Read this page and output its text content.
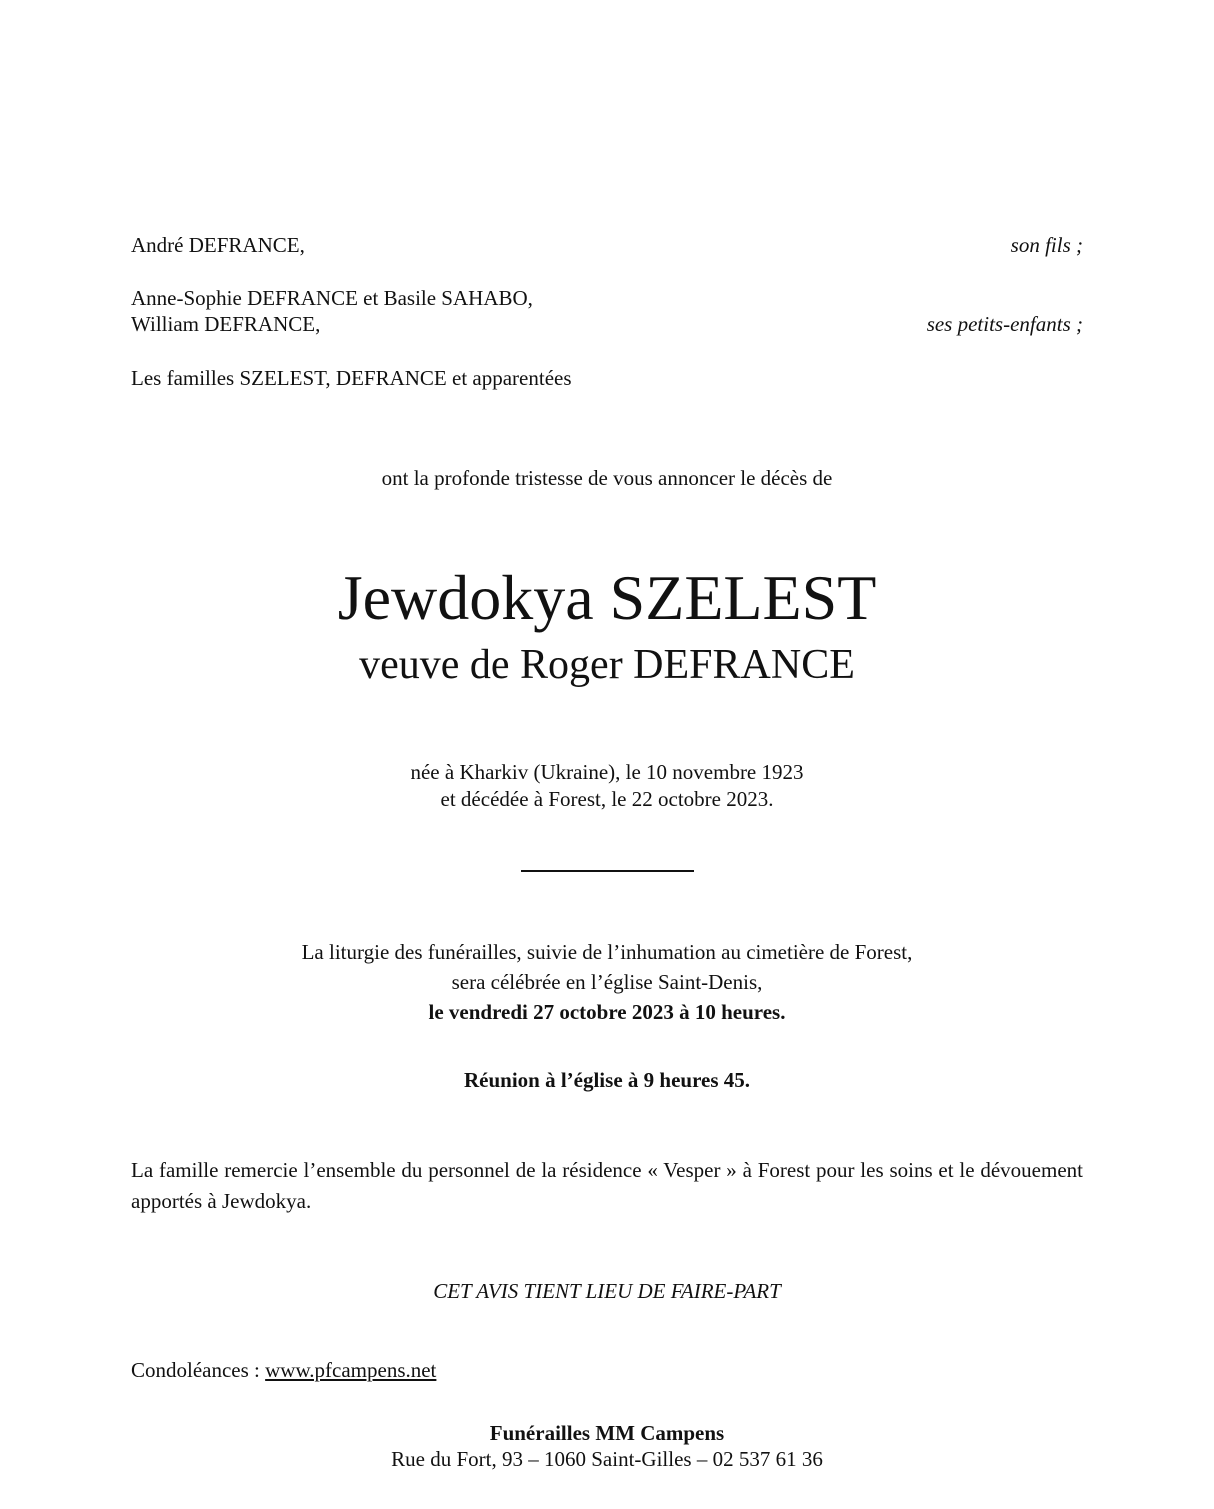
André DEFRANCE,	son fils ;
Anne-Sophie DEFRANCE et Basile SAHABO,
William DEFRANCE,	ses petits-enfants ;
Les familles SZELEST, DEFRANCE et apparentées
ont la profonde tristesse de vous annoncer le décès de
Jewdokya SZELEST
veuve de Roger DEFRANCE
née à Kharkiv (Ukraine), le 10 novembre 1923
et décédée à Forest, le 22 octobre 2023.
La liturgie des funérailles, suivie de l’inhumation au cimetière de Forest,
sera célébrée en l’église Saint-Denis,
le vendredi 27 octobre 2023 à 10 heures.
Réunion à l’église à 9 heures 45.
La famille remercie l’ensemble du personnel de la résidence « Vesper » à Forest pour les soins et le dévouement apportés à Jewdokya.
CET AVIS TIENT LIEU DE FAIRE-PART
Condoléances : www.pfcampens.net
Funérailles MM Campens
Rue du Fort, 93 – 1060 Saint-Gilles – 02 537 61 36
